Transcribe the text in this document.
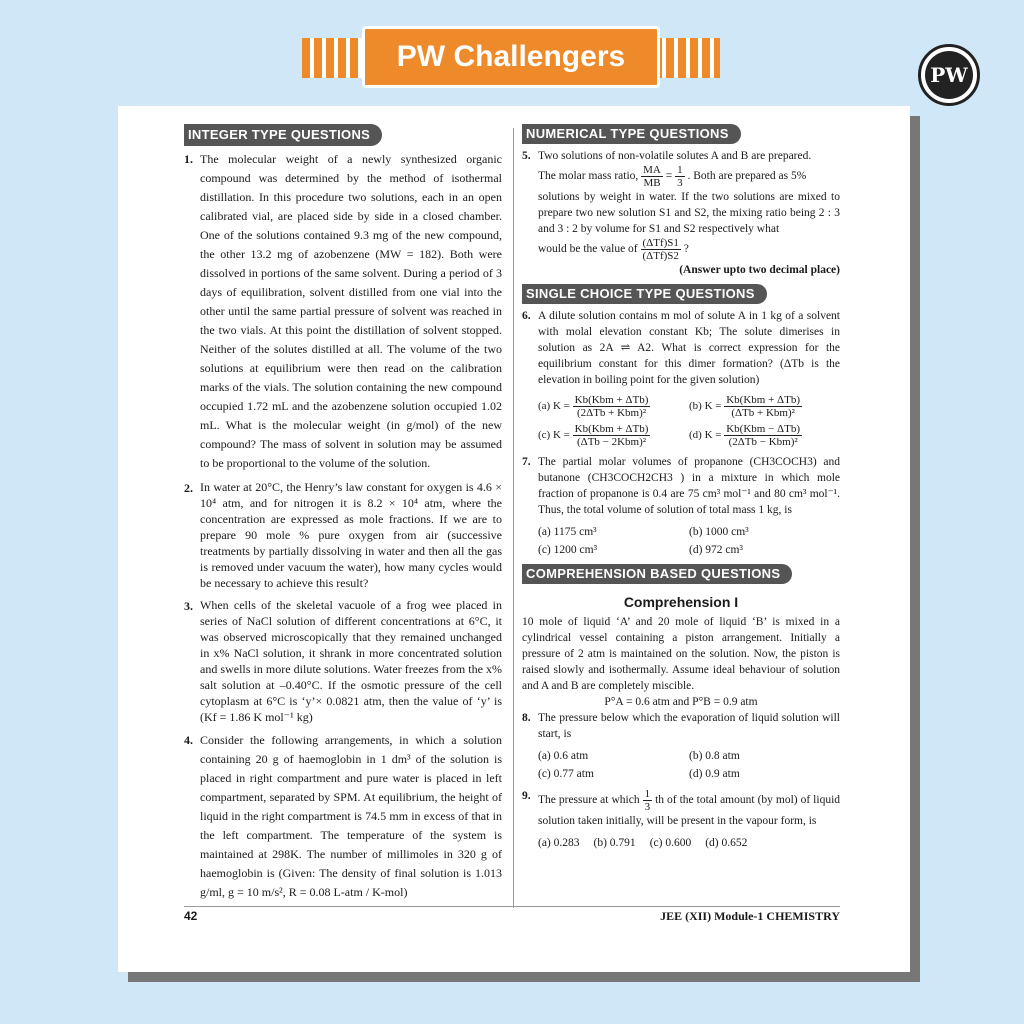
PW Challengers
PW
INTEGER TYPE QUESTIONS
1. The molecular weight of a newly synthesized organic compound was determined by the method of isothermal distillation. In this procedure two solutions, each in an open calibrated vial, are placed side by side in a closed chamber. One of the solutions contained 9.3 mg of the new compound, the other 13.2 mg of azobenzene (MW = 182). Both were dissolved in portions of the same solvent. During a period of 3 days of equilibration, solvent distilled from one vial into the other until the same partial pressure of solvent was reached in the two vials. At this point the distillation of solvent stopped. Neither of the solutes distilled at all. The volume of the two solutions at equilibrium were then read on the calibration marks of the vials. The solution containing the new compound occupied 1.72 mL and the azobenzene solution occupied 1.02 mL. What is the molecular weight (in g/mol) of the new compound? The mass of solvent in solution may be assumed to be proportional to the volume of the solution.
2. In water at 20°C, the Henry’s law constant for oxygen is 4.6 × 10⁴ atm, and for nitrogen it is 8.2 × 10⁴ atm, where the concentration are expressed as mole fractions. If we are to prepare 90 mole % pure oxygen from air (successive treatments by partially dissolving in water and then all the gas is removed under vacuum the water), how many cycles would be necessary to achieve this result?
3. When cells of the skeletal vacuole of a frog wee placed in series of NaCl solution of different concentrations at 6°C, it was observed microscopically that they remained unchanged in x% NaCl solution, it shrank in more concentrated solution and swells in more dilute solutions. Water freezes from the x% salt solution at –0.40°C. If the osmotic pressure of the cell cytoplasm at 6°C is ‘y’× 0.0821 atm, then the value of ‘y’ is (Kf = 1.86 K mol⁻¹ kg)
4. Consider the following arrangements, in which a solution containing 20 g of haemoglobin in 1 dm³ of the solution is placed in right compartment and pure water is placed in left compartment, separated by SPM. At equilibrium, the height of liquid in the right compartment is 74.5 mm in excess of that in the left compartment. The temperature of the system is maintained at 298K. The number of millimoles in 320 g of haemoglobin is (Given: The density of final solution is 1.013 g/ml, g = 10 m/s², R = 0.08 L-atm / K-mol)
NUMERICAL TYPE QUESTIONS
5. Two solutions of non-volatile solutes A and B are prepared.
The molar mass ratio, $\frac{MA}{MB} = \frac{1}{3}$ . Both are prepared as 5%
solutions by weight in water. If the two solutions are mixed to prepare two new solution S1 and S2, the mixing ratio being 2 : 3 and 3 : 2 by volume for S1 and S2 respectively what
would be the value of $\frac{\text{(ΔTf)S1}}{\text{(ΔTf)S2}}$ ?
(Answer upto two decimal place)
SINGLE CHOICE TYPE QUESTIONS
6. A dilute solution contains m mol of solute A in 1 kg of a solvent with molal elevation constant Kb; The solute dimerises in solution as 2A ⇌ A2. What is correct expression for the equilibrium constant for this dimer formation? (ΔTb is the elevation in boiling point for the given solution)
(a) $K = \frac{\text{Kb(Kbm + ΔTb)}}{\text{(2ΔTb + Kbm)²}}$	(b) $K = \frac{\text{Kb(Kbm + ΔTb)}}{\text{(ΔTb + Kbm)²}}$
(c) $K = \frac{\text{Kb(Kbm + ΔTb)}}{\text{(ΔTb − 2Kbm)²}}$	(d) $K = \frac{\text{Kb(Kbm − ΔTb)}}{\text{(2ΔTb − Kbm)²}}$
7. The partial molar volumes of propanone (CH3COCH3) and butanone (CH3COCH2CH3 ) in a mixture in which mole fraction of propanone is 0.4 are 75 cm³ mol⁻¹ and 80 cm³ mol⁻¹. Thus, the total volume of solution of total mass 1 kg, is
(a) 1175 cm³	(b) 1000 cm³
(c) 1200 cm³	(d) 972 cm³
COMPREHENSION BASED QUESTIONS
Comprehension I
10 mole of liquid ‘A’ and 20 mole of liquid ‘B’ is mixed in a cylindrical vessel containing a piston arrangement. Initially a pressure of 2 atm is maintained on the solution. Now, the piston is raised slowly and isothermally. Assume ideal behaviour of solution and A and B are completely miscible.
P°A = 0.6 atm and P°B = 0.9 atm
8. The pressure below which the evaporation of liquid solution will start, is
(a) 0.6 atm	(b) 0.8 atm
(c) 0.77 atm	(d) 0.9 atm
9. The pressure at which $\frac{1}{3}$ th of the total amount (by mol) of liquid solution taken initially, will be present in the vapour form, is
(a) 0.283 (b) 0.791 (c) 0.600 (d) 0.652
42	JEE (XII) Module-1 CHEMISTRY
